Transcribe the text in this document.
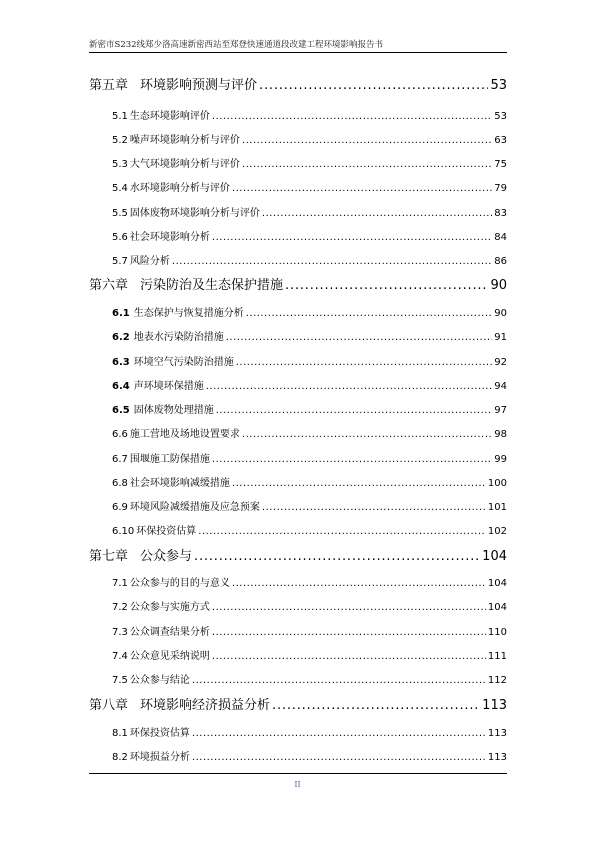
新密市S232线郑少洛高速新密西站至郑登快速通道段改建工程环境影响报告书
第五章 环境影响预测与评价 .....	53
5.1 生态环境影响评价 .....	53
5.2 噪声环境影响分析与评价 .....	63
5.3 大气环境影响分析与评价 .....	75
5.4 水环境影响分析与评价 .....	79
5.5 固体废物环境影响分析与评价 .....	83
5.6 社会环境影响分析 .....	84
5.7 风险分析 .....	86
第六章 污染防治及生态保护措施 .....	90
6.1 生态保护与恢复措施分析 .....	90
6.2 地表水污染防治措施 .....	91
6.3 环境空气污染防治措施 .....	92
6.4 声环境环保措施 .....	94
6.5 固体废物处理措施 .....	97
6.6 施工营地及场地设置要求 .....	98
6.7 围堰施工防保措施 .....	99
6.8 社会环境影响减缓措施 .....	100
6.9 环境风险减缓措施及应急预案 .....	101
6.10 环保投资估算 .....	102
第七章 公众参与 .....	104
7.1 公众参与的目的与意义 .....	104
7.2 公众参与实施方式 .....	104
7.3 公众调查结果分析 .....	110
7.4 公众意见采纳说明 .....	111
7.5 公众参与结论 .....	112
第八章 环境影响经济损益分析 .....	113
8.1 环保投资估算 .....	113
8.2 环境损益分析 .....	113
II
